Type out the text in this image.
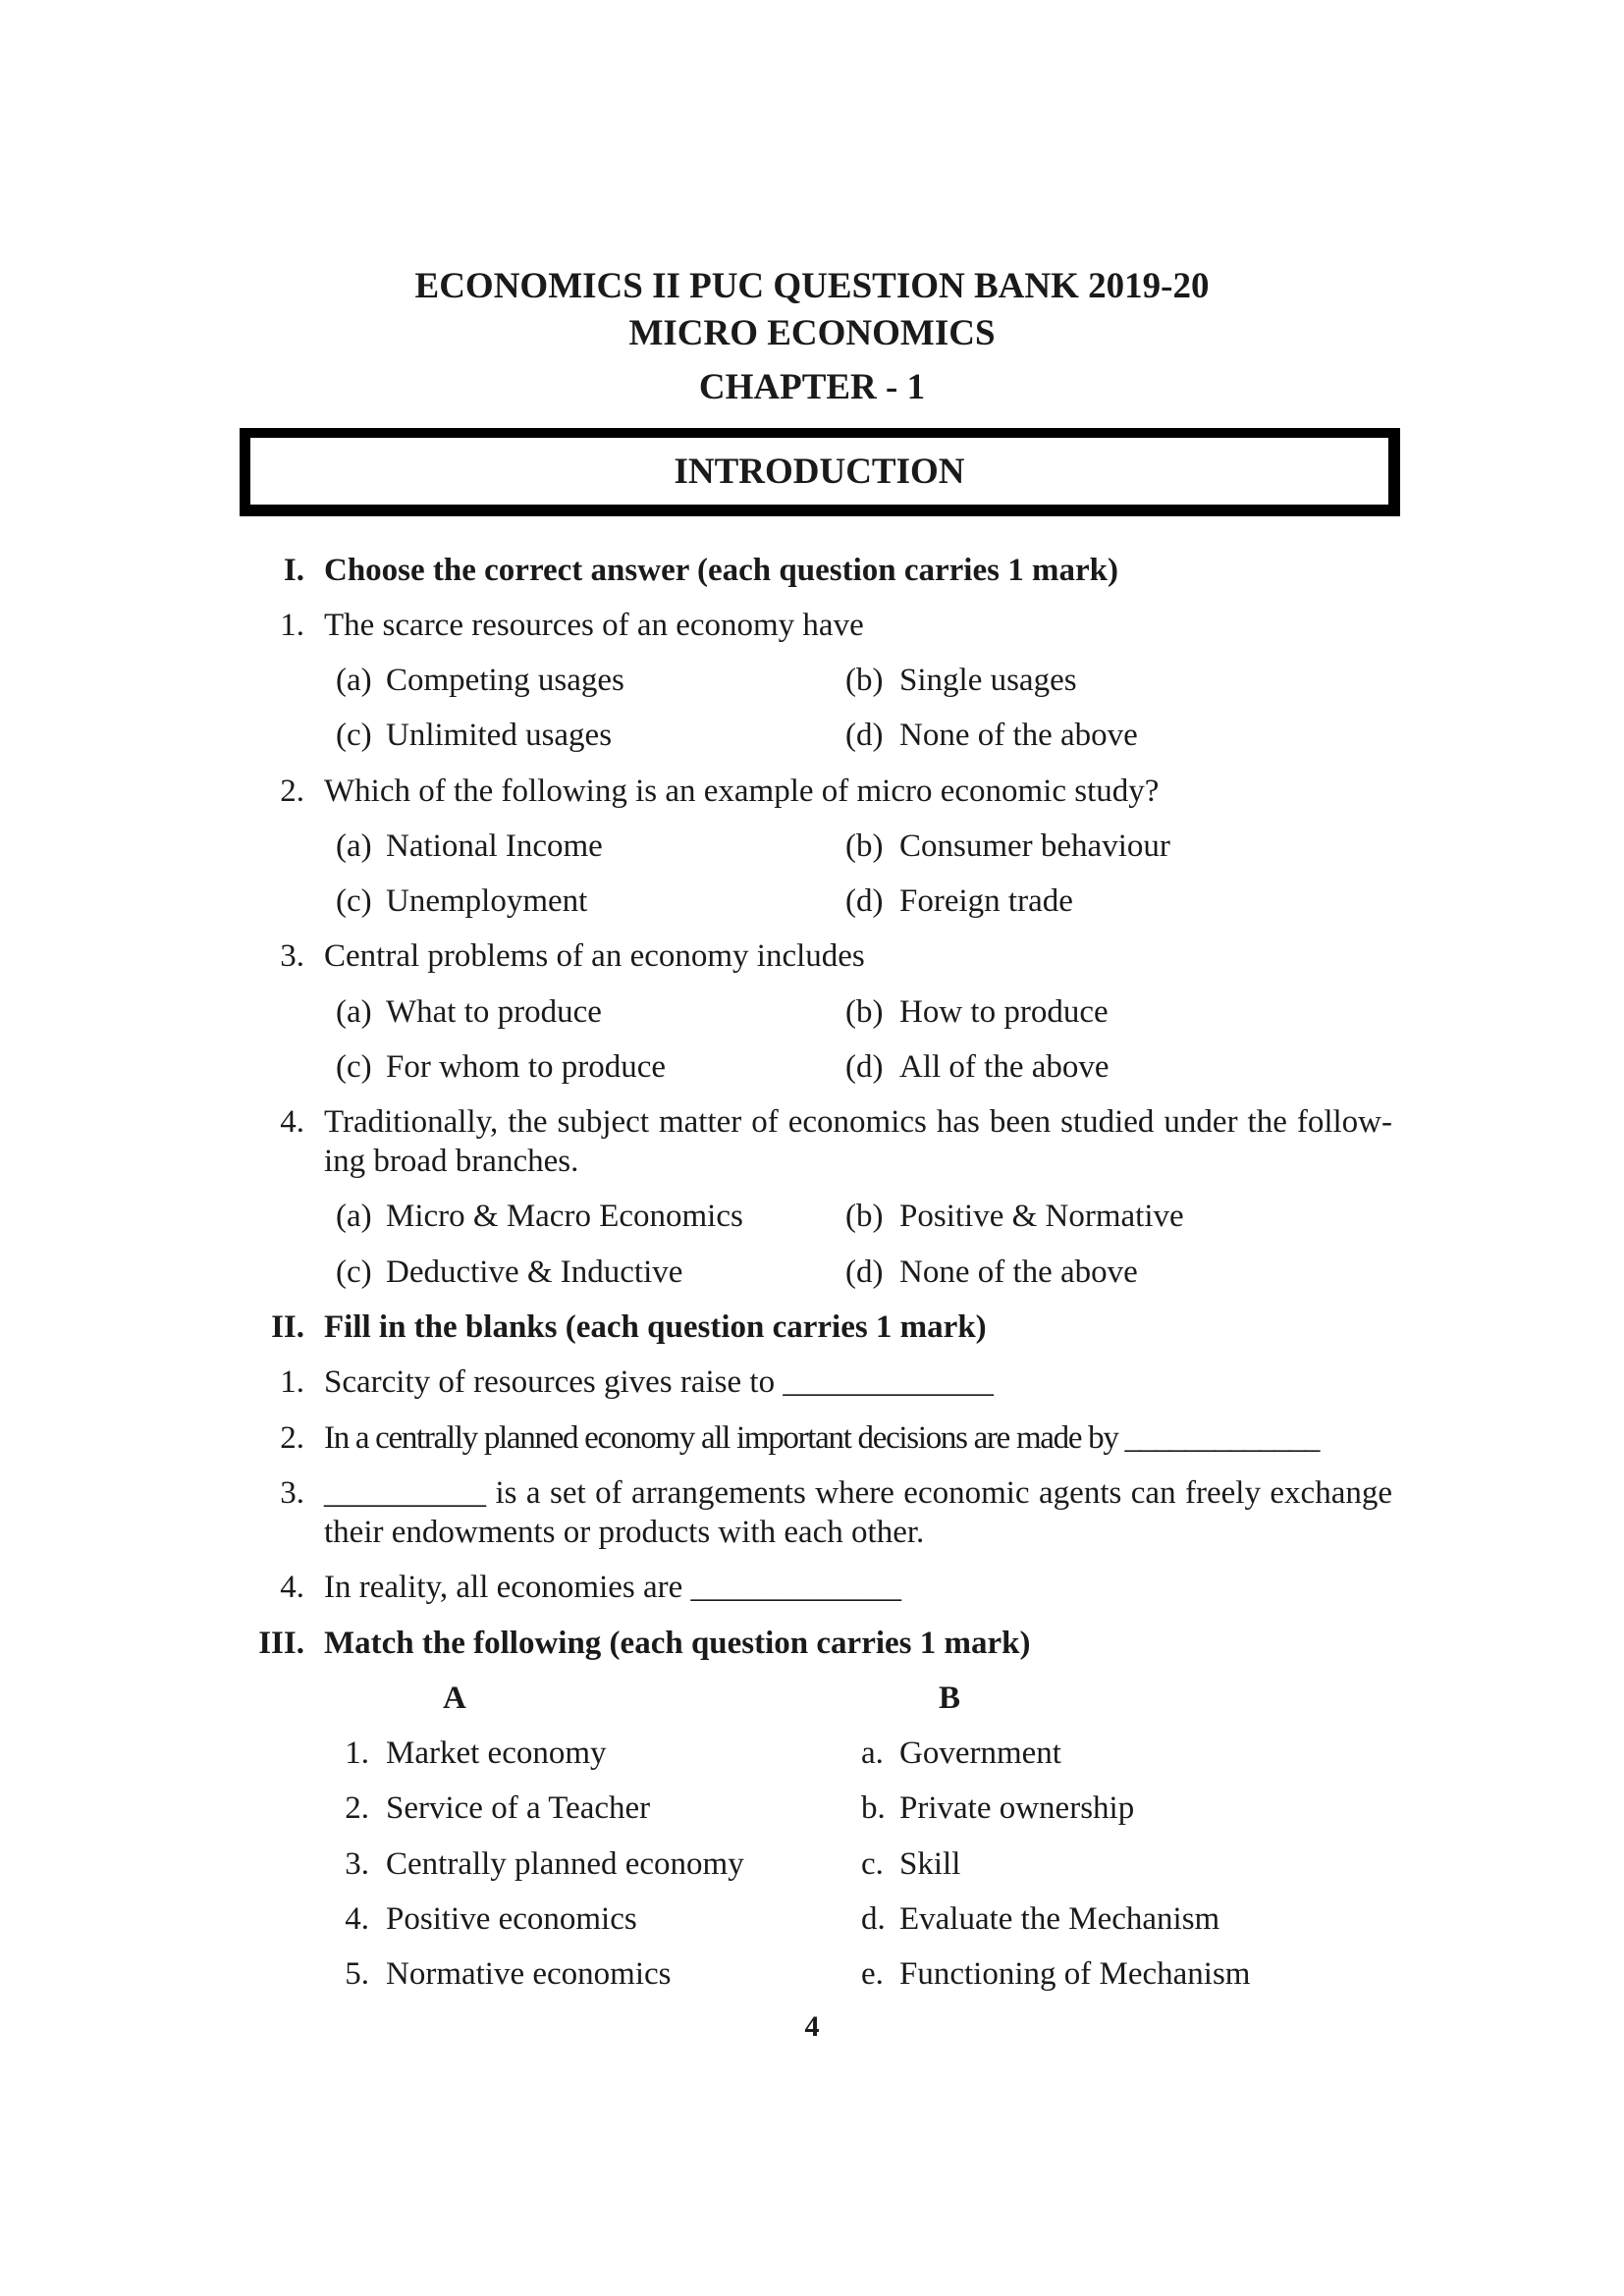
ECONOMICS II PUC QUESTION BANK 2019-20
MICRO ECONOMICS
CHAPTER - 1
INTRODUCTION
I. Choose the correct answer (each question carries 1 mark)
1. The scarce resources of an economy have
(a) Competing usages	(b) Single usages
(c) Unlimited usages	(d) None of the above
2. Which of the following is an example of micro economic study?
(a) National Income	(b) Consumer behaviour
(c) Unemployment	(d) Foreign trade
3. Central problems of an economy includes
(a) What to produce	(b) How to produce
(c) For whom to produce	(d) All of the above
4. Traditionally, the subject matter of economics has been studied under the follow-
ing broad branches.
(a) Micro & Macro Economics	(b) Positive & Normative
(c) Deductive & Inductive	(d) None of the above
II. Fill in the blanks (each question carries 1 mark)
1. Scarcity of resources gives raise to _____________
2. In a centrally planned economy all important decisions are made by _____________
3. __________ is a set of arrangements where economic agents can freely exchange
their endowments or products with each other.
4. In reality, all economies are _____________
III. Match the following (each question carries 1 mark)
A	B
1. Market economy	a. Government
2. Service of a Teacher	b. Private ownership
3. Centrally planned economy	c. Skill
4. Positive economics	d. Evaluate the Mechanism
5. Normative economics	e. Functioning of Mechanism
4
